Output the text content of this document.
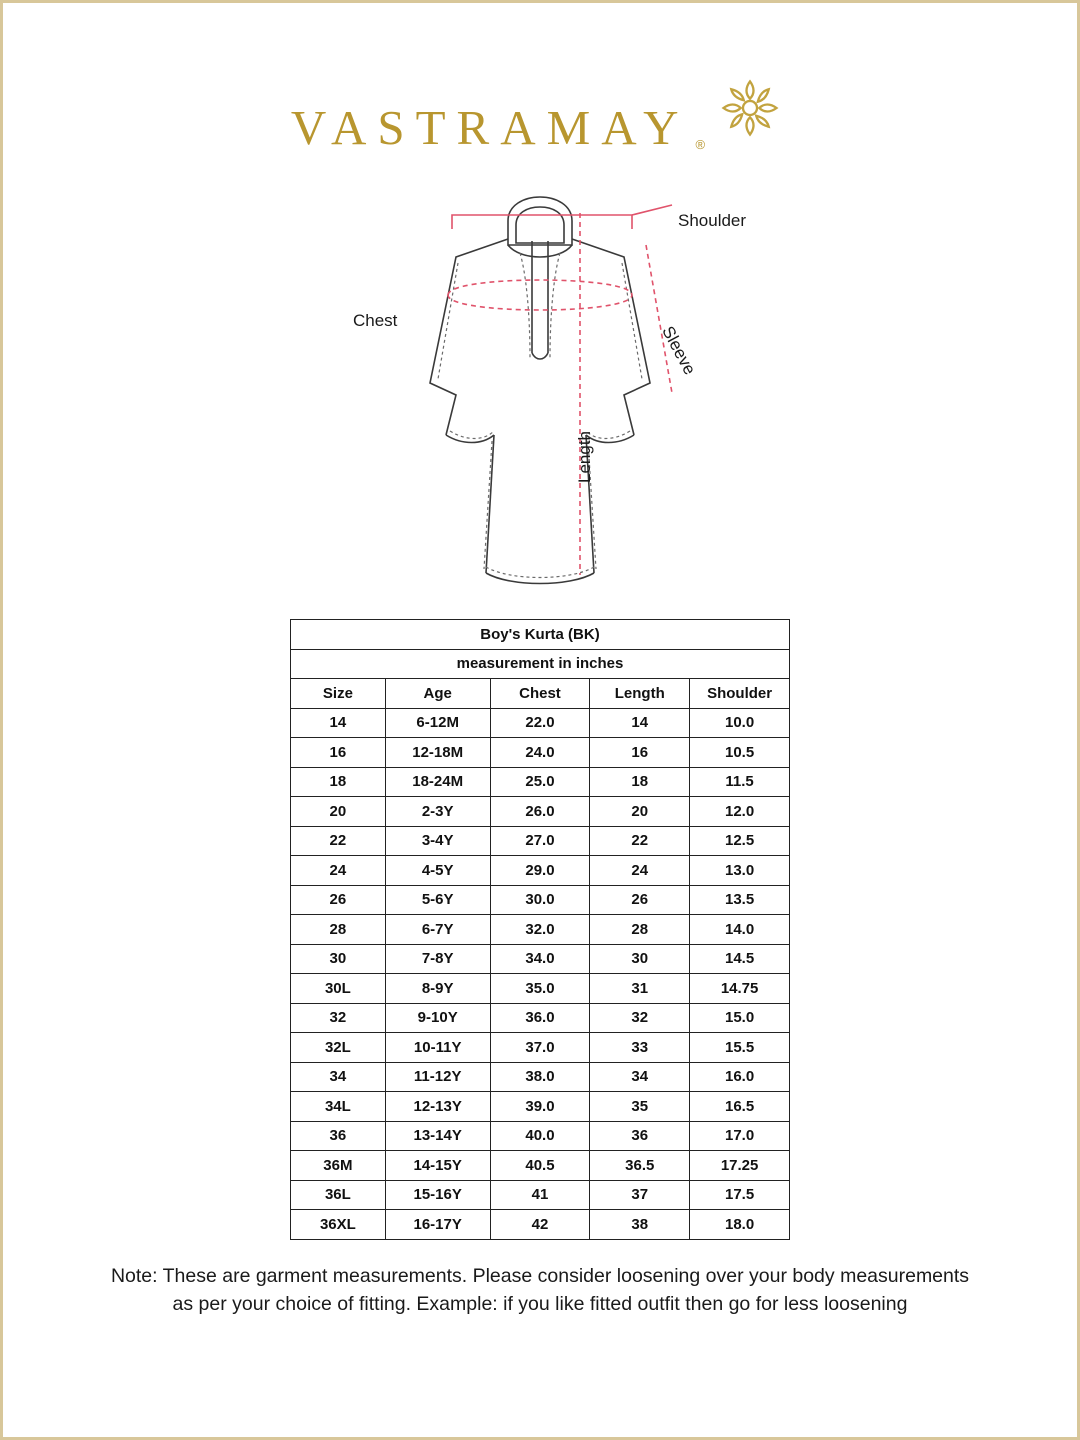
VASTRAMAY ®
Shoulder
Chest
Sleeve
Length
Boy's Kurta (BK)				
measurement in inches				
Size	Age	Chest	Length	Shoulder
14	6-12M	22.0	14	10.0
16	12-18M	24.0	16	10.5
18	18-24M	25.0	18	11.5
20	2-3Y	26.0	20	12.0
22	3-4Y	27.0	22	12.5
24	4-5Y	29.0	24	13.0
26	5-6Y	30.0	26	13.5
28	6-7Y	32.0	28	14.0
30	7-8Y	34.0	30	14.5
30L	8-9Y	35.0	31	14.75
32	9-10Y	36.0	32	15.0
32L	10-11Y	37.0	33	15.5
34	11-12Y	38.0	34	16.0
34L	12-13Y	39.0	35	16.5
36	13-14Y	40.0	36	17.0
36M	14-15Y	40.5	36.5	17.25
36L	15-16Y	41	37	17.5
36XL	16-17Y	42	38	18.0
Note: These are garment measurements. Please consider loosening over your body measurements
as per your choice of fitting. Example: if you like fitted outfit then go for less loosening
